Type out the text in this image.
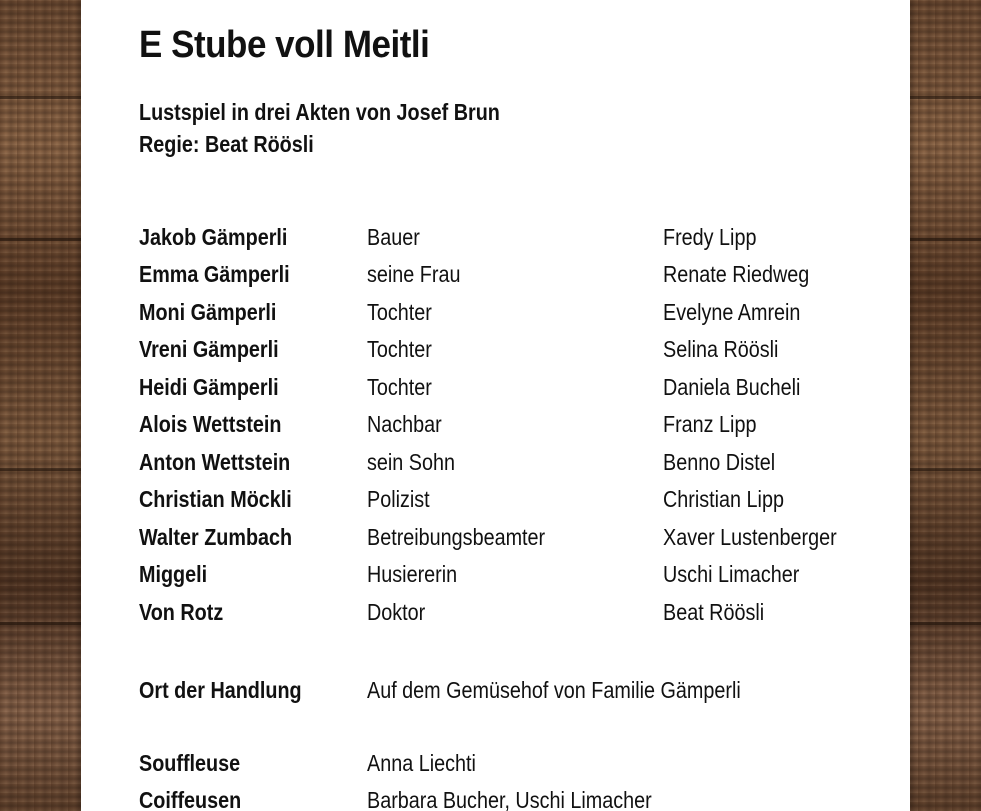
E Stube voll Meitli

Lustspiel in drei Akten von Josef Brun

Regie: Beat Röösli

Jakob Gämperli	Bauer	Fredy Lipp
Emma Gämperli	seine Frau	Renate Riedweg
Moni Gämperli	Tochter	Evelyne Amrein
Vreni Gämperli	Tochter	Selina Röösli
Heidi Gämperli	Tochter	Daniela Bucheli
Alois Wettstein	Nachbar	Franz Lipp
Anton Wettstein	sein Sohn	Benno Distel
Christian Möckli	Polizist	Christian Lipp
Walter Zumbach	Betreibungsbeamter	Xaver Lustenberger
Miggeli	Husiererin	Uschi Limacher
Von Rotz	Doktor	Beat Röösli
Ort der Handlung	Auf dem Gemüsehof von Familie Gämperli
Souffleuse	Anna Liechti
Coiffeusen	Barbara Bucher, Uschi Limacher
